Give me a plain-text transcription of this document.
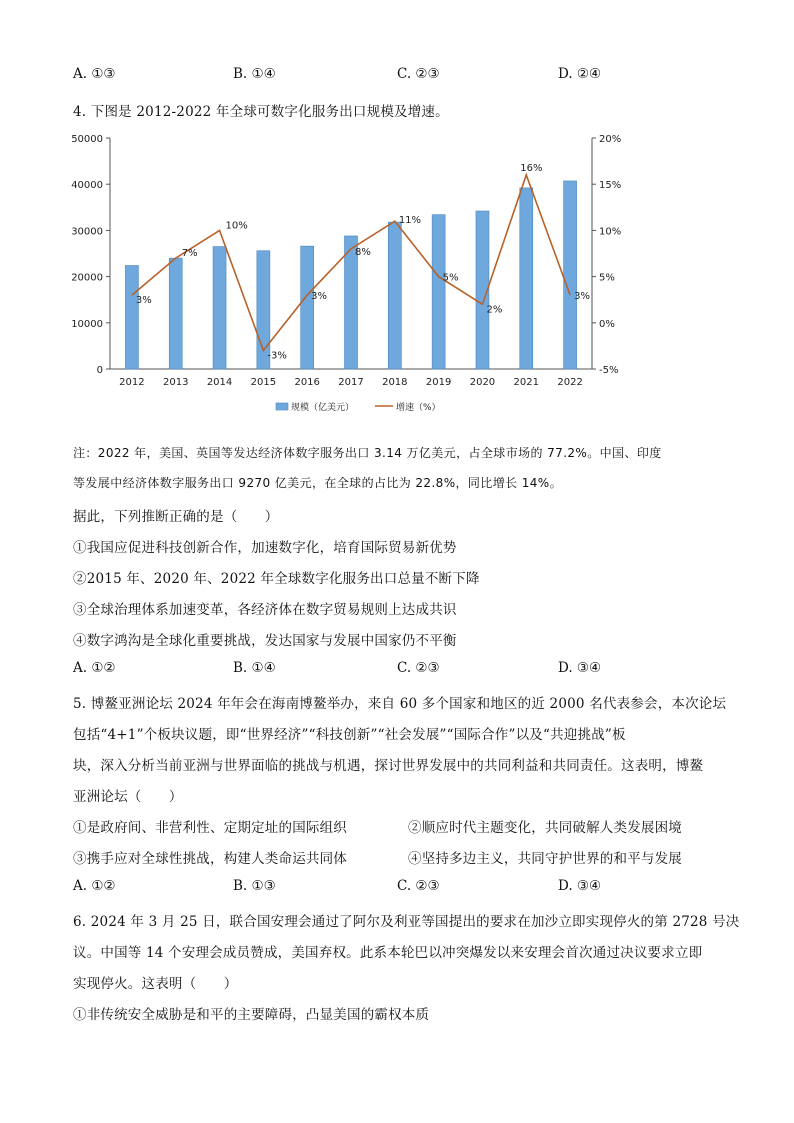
A. ①③	B. ①④	C. ②③	D. ②④
4. 下图是 2012-2022 年全球可数字化服务出口规模及增速。
0
10000
20000
30000
40000
50000
-5%
0%
5%
10%
15%
20%
2012 2013 2014 2015 2016 2017 2018 2019 2020 2021 2022
3%
7%
10%
-3%
3%
8%
11%
5%
2%
16%
3%
规模（亿美元）	增速（%）
注：2022 年，美国、英国等发达经济体数字服务出口 3.14 万亿美元，占全球市场的 77.2%。中国、印度
等发展中经济体数字服务出口 9270 亿美元，在全球的占比为 22.8%，同比增长 14%。
据此，下列推断正确的是（　　）
①我国应促进科技创新合作，加速数字化，培育国际贸易新优势
②2015 年、2020 年、2022 年全球数字化服务出口总量不断下降
③全球治理体系加速变革，各经济体在数字贸易规则上达成共识
④数字鸿沟是全球化重要挑战，发达国家与发展中国家仍不平衡
A. ①②	B. ①④	C. ②③	D. ③④
5. 博鳌亚洲论坛 2024 年年会在海南博鳌举办，来自 60 多个国家和地区的近 2000 名代表参会，本次论坛
包括“4+1”个板块议题，即“世界经济”“科技创新”“社会发展”“国际合作”以及“共迎挑战”板
块，深入分析当前亚洲与世界面临的挑战与机遇，探讨世界发展中的共同利益和共同责任。这表明，博鳌
亚洲论坛（　　）
①是政府间、非营利性、定期定址的国际组织	②顺应时代主题变化，共同破解人类发展困境
③携手应对全球性挑战，构建人类命运共同体	④坚持多边主义，共同守护世界的和平与发展
A. ①②	B. ①③	C. ②③	D. ③④
6. 2024 年 3 月 25 日，联合国安理会通过了阿尔及利亚等国提出的要求在加沙立即实现停火的第 2728 号决
议。中国等 14 个安理会成员赞成，美国弃权。此系本轮巴以冲突爆发以来安理会首次通过决议要求立即
实现停火。这表明（　　）
①非传统安全威胁是和平的主要障碍，凸显美国的霸权本质
